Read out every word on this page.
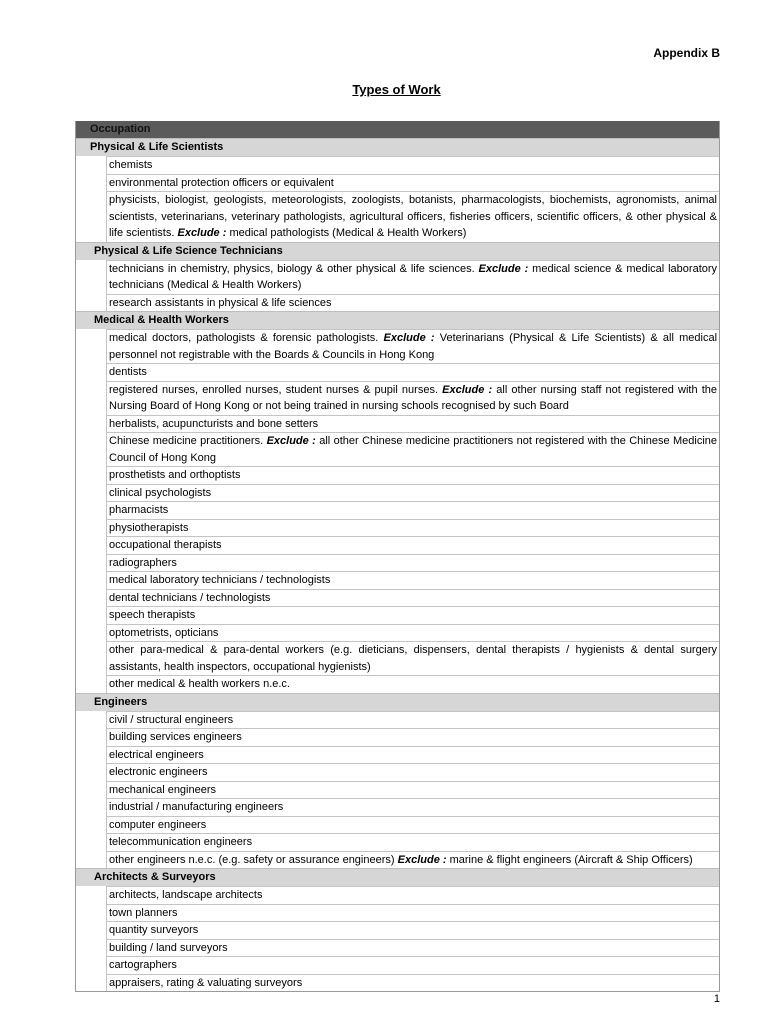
Appendix B
Types of Work
Occupation
Physical & Life Scientists
chemists
environmental protection officers or equivalent
physicists, biologist, geologists, meteorologists, zoologists, botanists, pharmacologists, biochemists, agronomists, animal scientists, veterinarians, veterinary pathologists, agricultural officers, fisheries officers, scientific officers, & other physical & life scientists. Exclude : medical pathologists (Medical & Health Workers)
Physical & Life Science Technicians
technicians in chemistry, physics, biology & other physical & life sciences. Exclude : medical science & medical laboratory technicians (Medical & Health Workers)
research assistants in physical & life sciences
Medical & Health Workers
medical doctors, pathologists & forensic pathologists. Exclude : Veterinarians (Physical & Life Scientists) & all medical personnel not registrable with the Boards & Councils in Hong Kong
dentists
registered nurses, enrolled nurses, student nurses & pupil nurses. Exclude : all other nursing staff not registered with the Nursing Board of Hong Kong or not being trained in nursing schools recognised by such Board
herbalists, acupuncturists and bone setters
Chinese medicine practitioners. Exclude : all other Chinese medicine practitioners not registered with the Chinese Medicine Council of Hong Kong
prosthetists and orthoptists
clinical psychologists
pharmacists
physiotherapists
occupational therapists
radiographers
medical laboratory technicians / technologists
dental technicians / technologists
speech therapists
optometrists, opticians
other para-medical & para-dental workers (e.g. dieticians, dispensers, dental therapists / hygienists & dental surgery assistants, health inspectors, occupational hygienists)
other medical & health workers n.e.c.
Engineers
civil / structural engineers
building services engineers
electrical engineers
electronic engineers
mechanical engineers
industrial / manufacturing engineers
computer engineers
telecommunication engineers
other engineers n.e.c. (e.g. safety or assurance engineers) Exclude : marine & flight engineers (Aircraft & Ship Officers)
Architects & Surveyors
architects, landscape architects
town planners
quantity surveyors
building / land surveyors
cartographers
appraisers, rating & valuating surveyors
1
